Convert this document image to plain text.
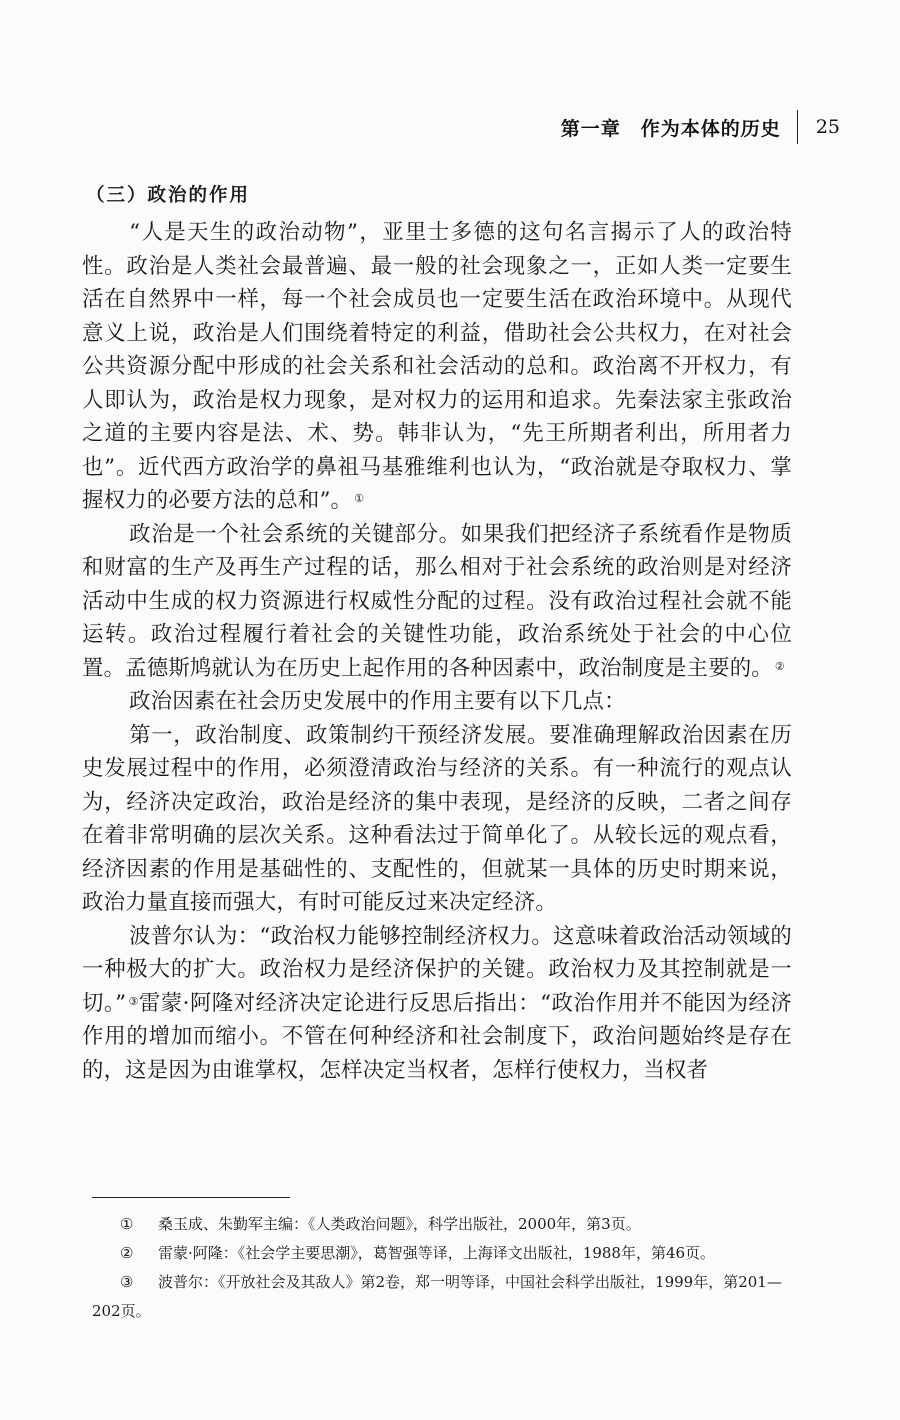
第一章　作为本体的历史 25
（三）政治的作用

“人是天生的政治动物”，亚里士多德的这句名言揭示了人的政治特性。政治是人类社会最普遍、最一般的社会现象之一，正如人类一定要生活在自然界中一样，每一个社会成员也一定要生活在政治环境中。从现代意义上说，政治是人们围绕着特定的利益，借助社会公共权力，在对社会公共资源分配中形成的社会关系和社会活动的总和。政治离不开权力，有人即认为，政治是权力现象，是对权力的运用和追求。先秦法家主张政治之道的主要内容是法、术、势。韩非认为，“先王所期者利出，所用者力也”。近代西方政治学的鼻祖马基雅维利也认为，“政治就是夺取权力、掌握权力的必要方法的总和”。 ①

政治是一个社会系统的关键部分。如果我们把经济子系统看作是物质和财富的生产及再生产过程的话，那么相对于社会系统的政治则是对经济活动中生成的权力资源进行权威性分配的过程。没有政治过程社会就不能运转。政治过程履行着社会的关键性功能，政治系统处于社会的中心位置。孟德斯鸠就认为在历史上起作用的各种因素中，政治制度是主要的。 ②

政治因素在社会历史发展中的作用主要有以下几点：

第一，政治制度、政策制约干预经济发展。要准确理解政治因素在历史发展过程中的作用，必须澄清政治与经济的关系。有一种流行的观点认为，经济决定政治，政治是经济的集中表现，是经济的反映，二者之间存在着非常明确的层次关系。这种看法过于简单化了。从较长远的观点看，经济因素的作用是基础性的、支配性的，但就某一具体的历史时期来说，政治力量直接而强大，有时可能反过来决定经济。

波普尔认为：“政治权力能够控制经济权力。这意味着政治活动领域的一种极大的扩大。政治权力是经济保护的关键。政治权力及其控制就是一切。” ③雷蒙·阿隆对经济决定论进行反思后指出：“政治作用并不能因为经济作用的增加而缩小。不管在何种经济和社会制度下，政治问题始终是存在的，这是因为由谁掌权，怎样决定当权者，怎样行使权力，当权者

① 桑玉成、朱勤军主编：《人类政治问题》，科学出版社，2000年，第3页。

② 雷蒙·阿隆：《社会学主要思潮》，葛智强等译，上海译文出版社，1988年，第46页。

③ 波普尔：《开放社会及其敌人》第2卷，郑一明等译，中国社会科学出版社，1999年，第201—202页。
